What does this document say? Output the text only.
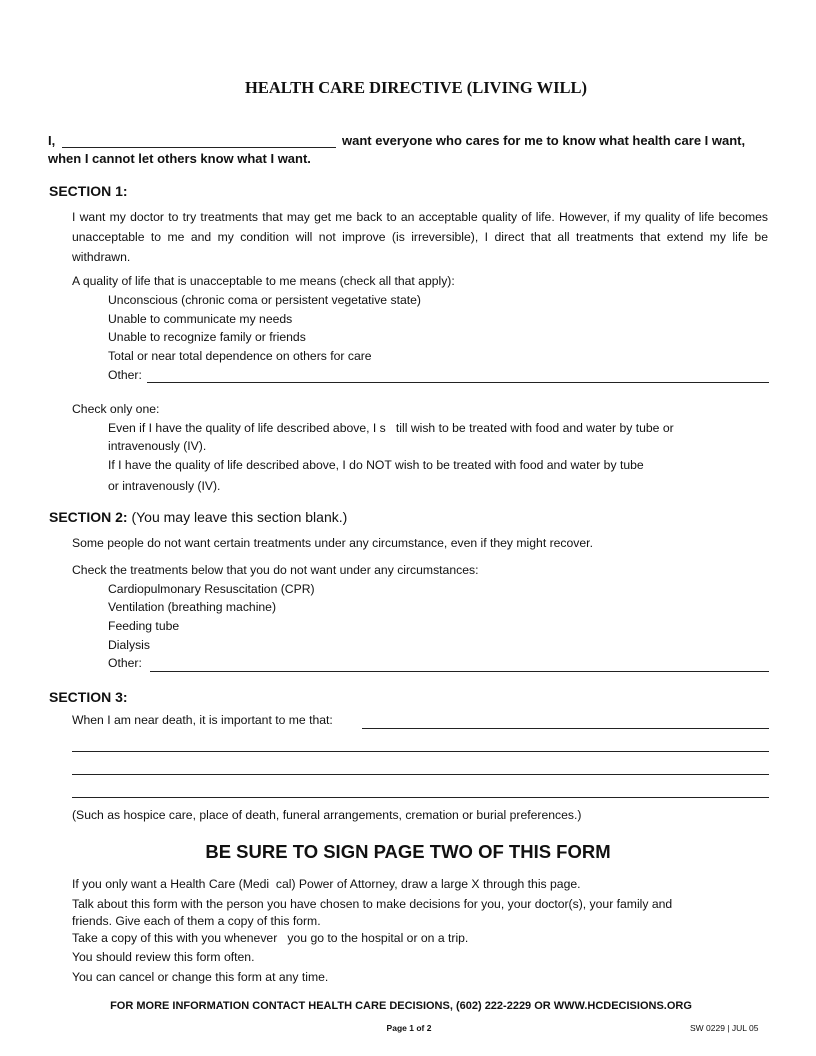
HEALTH CARE DIRECTIVE (LIVING WILL)
I,	want everyone who cares for me to know what health care I want,
when I cannot let others know what I want.
SECTION 1:
I want my doctor to try treatments that may get me back to an acceptable quality of life. However, if my quality of life becomes unacceptable to me and my condition will not improve (is irreversible), I direct that all treatments that extend my life be withdrawn.
A quality of life that is unacceptable to me means (check all that apply):
Unconscious (chronic coma or persistent vegetative state)
Unable to communicate my needs
Unable to recognize family or friends
Total or near total dependence on others for care
Other:
Check only one:
Even if I have the quality of life described above, I s   till wish to be treated with food and water by tube or
intravenously (IV).
If I have the quality of life described above, I do NOT wish to be treated with food and water by tube
or intravenously (IV).
SECTION 2: (You may leave this section blank.)
Some people do not want certain treatments under any circumstance, even if they might recover.
Check the treatments below that you do not want under any circumstances:
Cardiopulmonary Resuscitation (CPR)
Ventilation (breathing machine)
Feeding tube
Dialysis
Other:
SECTION 3:
When I am near death, it is important to me that:
(Such as hospice care, place of death, funeral arrangements, cremation or burial preferences.)
BE SURE TO SIGN PAGE TWO OF THIS FORM
If you only want a Health Care (Medi  cal) Power of Attorney, draw a large X through this page.
Talk about this form with the person you have chosen to make decisions for you, your doctor(s), your family and
friends. Give each of them a copy of this form.
Take a copy of this with you whenever   you go to the hospital or on a trip.
You should review this form often.
You can cancel or change this form at any time.
FOR MORE INFORMATION CONTACT HEALTH CARE DECISIONS, (602) 222-2229 OR WWW.HCDECISIONS.ORG
Page 1 of 2	SW 0229 | JUL 05
